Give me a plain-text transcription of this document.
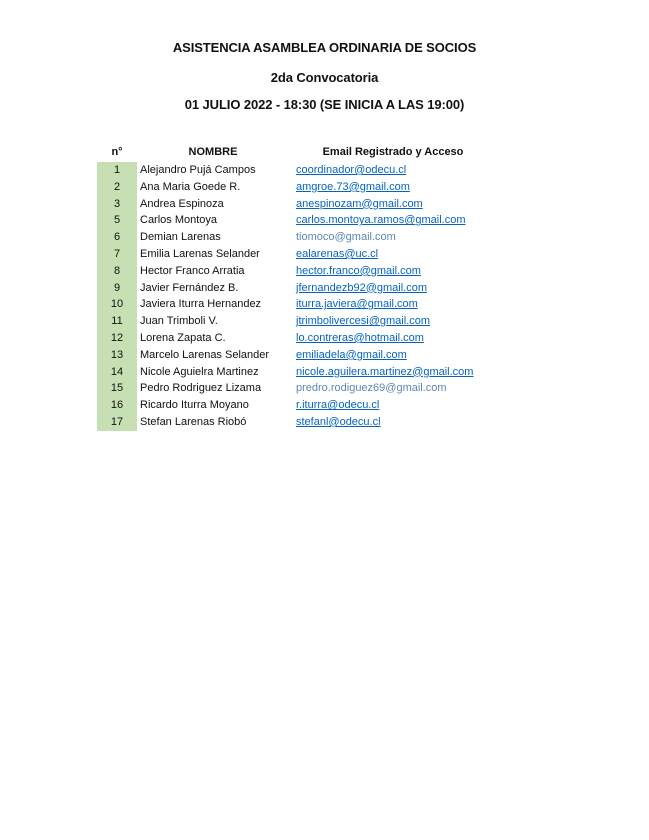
ASISTENCIA ASAMBLEA ORDINARIA DE SOCIOS
2da Convocatoria
01 JULIO 2022 - 18:30 (SE INICIA A LAS 19:00)
n°	NOMBRE	Email Registrado y Acceso
1	Alejandro Pujá Campos	coordinador@odecu.cl
2	Ana Maria Goede R.	amgroe.73@gmail.com
3	Andrea Espinoza	anespinozam@gmail.com
5	Carlos Montoya	carlos.montoya.ramos@gmail.com
6	Demian Larenas	tiomoco@gmail.com
7	Emilia Larenas Selander	ealarenas@uc.cl
8	Hector Franco Arratia	hector.franco@gmail.com
9	Javier Fernández B.	jfernandezb92@gmail.com
10	Javiera Iturra Hernandez	iturra.javiera@gmail.com
11	Juan Trimboli V.	jtrimbolivercesi@gmail.com
12	Lorena Zapata C.	lo.contreras@hotmail.com
13	Marcelo Larenas Selander emiliadela@gmail.com
14	Nicole Aguielra Martinez	nicole.aguilera.martinez@gmail.com
15	Pedro Rodriguez Lizama	predro.rodiguez69@gmail.com
16	Ricardo Iturra Moyano	r.iturra@odecu.cl
17	Stefan Larenas Riobó	stefanl@odecu.cl
